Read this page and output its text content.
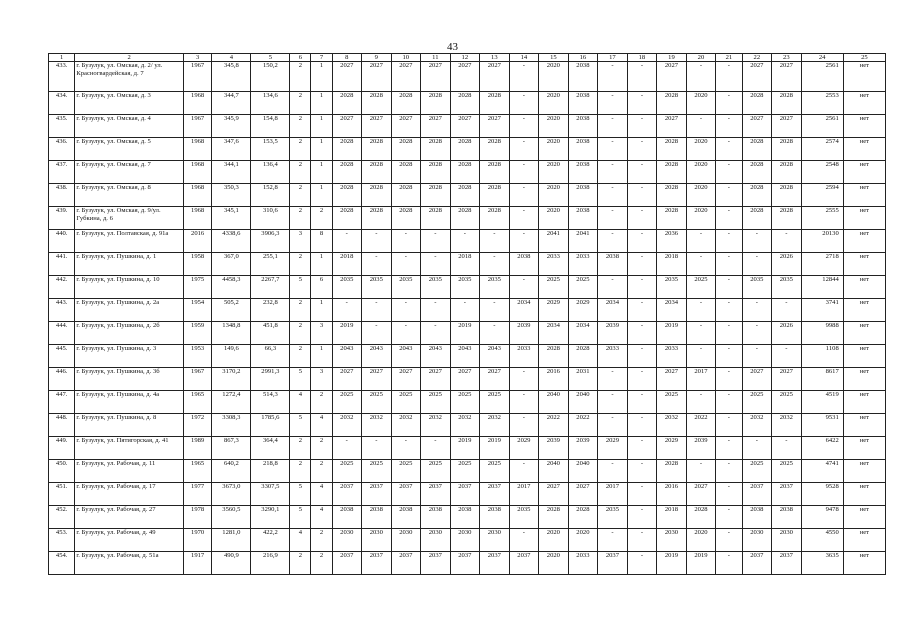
43
1	2	3	4	5	6	7	8	9	10	11	12	13	14	15	16	17	18	19	20	21	22	23	24	25
433.	г. Бузулук, ул. Омская, д. 2/ ул. Красногвардейская, д. 7	1967	345,8	150,2	2	1	2027	2027	2027	2027	2027	2027	-	2020	2038	-	-	2027	-	-	2027	2027	2561	нет
434.	г. Бузулук, ул. Омская, д. 3	1968	344,7	134,6	2	1	2028	2028	2028	2028	2028	2028	-	2020	2038	-	-	2028	2020	-	2028	2028	2553	нет
435.	г. Бузулук, ул. Омская, д. 4	1967	345,9	154,8	2	1	2027	2027	2027	2027	2027	2027	-	2020	2038	-	-	2027	-	-	2027	2027	2561	нет
436.	г. Бузулук, ул. Омская, д. 5	1968	347,6	153,5	2	1	2028	2028	2028	2028	2028	2028	-	2020	2038	-	-	2028	2020	-	2028	2028	2574	нет
437.	г. Бузулук, ул. Омская, д. 7	1968	344,1	136,4	2	1	2028	2028	2028	2028	2028	2028	-	2020	2038	-	-	2028	2020	-	2028	2028	2548	нет
438.	г. Бузулук, ул. Омская, д. 8	1968	350,3	152,8	2	1	2028	2028	2028	2028	2028	2028	-	2020	2038	-	-	2028	2020	-	2028	2028	2594	нет
439.	г. Бузулук, ул. Омская, д. 9/ул. Губкина, д. 6	1968	345,1	310,6	2	2	2028	2028	2028	2028	2028	2028	-	2020	2038	-	-	2028	2020	-	2028	2028	2555	нет
440.	г. Бузулук, ул. Полтавская, д. 91а	2016	4338,6	3906,3	3	8	-	-	-	-	-	-	-	2041	2041	-	-	2036	-	-	-	-	20130	нет
441.	г. Бузулук, ул. Пушкина, д. 1	1958	367,0	255,1	2	1	2018	-	-	-	2018	-	2038	2033	2033	2038	-	2018	-	-	-	2026	2718	нет
442.	г. Бузулук, ул. Пушкина, д. 10	1975	4458,3	2267,7	5	6	2035	2035	2035	2035	2035	2035	-	2025	2025	-	-	2035	2025	-	2035	2035	12844	нет
443.	г. Бузулук, ул. Пушкина, д. 2а	1954	505,2	232,8	2	1	-	-	-	-	-	-	2034	2029	2029	2034	-	2034	-	-	-	-	3741	нет
444.	г. Бузулук, ул. Пушкина, д. 2б	1959	1348,8	451,8	2	3	2019	-	-	-	2019	-	2039	2034	2034	2039	-	2019	-	-	-	2026	9988	нет
445.	г. Бузулук, ул. Пушкина, д. 3	1953	149,6	66,3	2	1	2043	2043	2043	2043	2043	2043	2033	2028	2028	2033	-	2033	-	-	-	-	1108	нет
446.	г. Бузулук, ул. Пушкина, д. 3б	1967	3170,2	2991,3	5	3	2027	2027	2027	2027	2027	2027	-	2016	2031	-	-	2027	2017	-	2027	2027	8617	нет
447.	г. Бузулук, ул. Пушкина, д. 4а	1965	1272,4	514,3	4	2	2025	2025	2025	2025	2025	2025	-	2040	2040	-	-	2025	-	-	2025	2025	4519	нет
448.	г. Бузулук, ул. Пушкина, д. 8	1972	3308,3	1785,6	5	4	2032	2032	2032	2032	2032	2032	-	2022	2022	-	-	2032	2022	-	2032	2032	9531	нет
449.	г. Бузулук, ул. Пятигорская, д. 41	1989	867,3	364,4	2	2	-	-	-	-	2019	2019	2029	2039	2039	2029	-	2029	2039	-	-	-	6422	нет
450.	г. Бузулук, ул. Рабочая, д. 11	1965	640,2	218,8	2	2	2025	2025	2025	2025	2025	2025	-	2040	2040	-	-	2028	-	-	2025	2025	4741	нет
451.	г. Бузулук, ул. Рабочая, д. 17	1977	3673,0	3307,5	5	4	2037	2037	2037	2037	2037	2037	2017	2027	2027	2017	-	2016	2027	-	2037	2037	9528	нет
452.	г. Бузулук, ул. Рабочая, д. 27	1978	3560,5	3290,1	5	4	2038	2038	2038	2038	2038	2038	2035	2028	2028	2035	-	2018	2028	-	2038	2038	9478	нет
453.	г. Бузулук, ул. Рабочая, д. 49	1970	1281,0	422,2	4	2	2030	2030	2030	2030	2030	2030	-	2020	2020	-	-	2030	2020	-	2030	2030	4550	нет
454.	г. Бузулук, ул. Рабочая, д. 51а	1917	490,9	216,9	2	2	2037	2037	2037	2037	2037	2037	2037	2020	2033	2037	-	2019	2019	-	2037	2037	3635	нет
